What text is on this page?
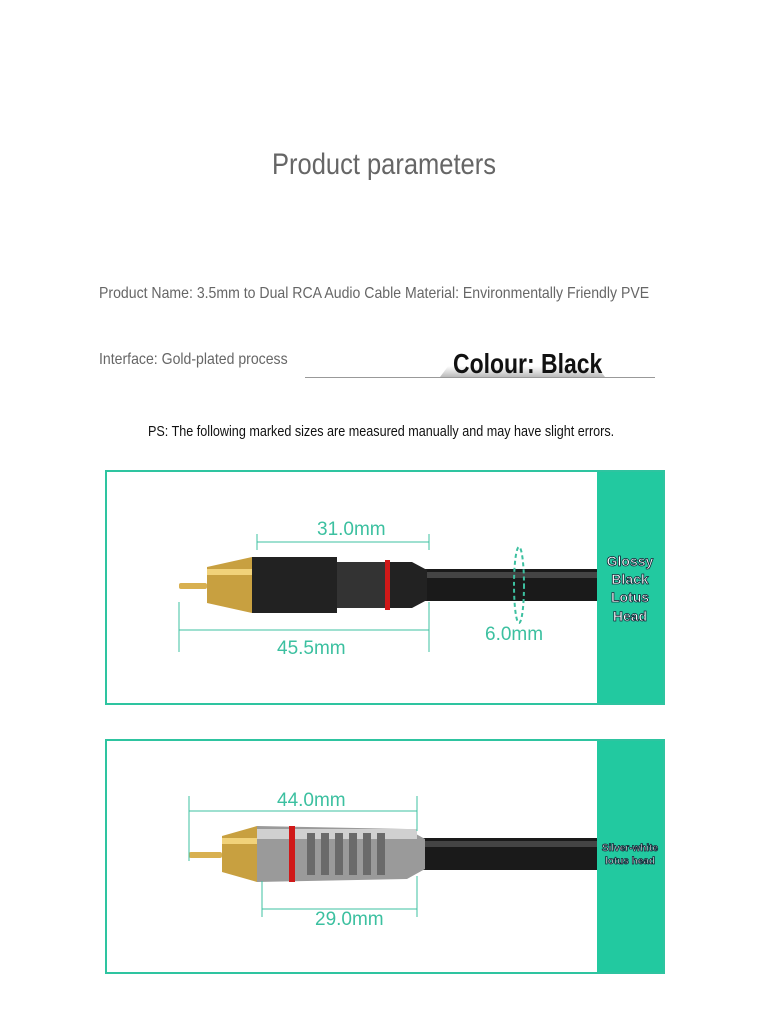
Product parameters
Product Name: 3.5mm to Dual RCA Audio Cable Material: Environmentally Friendly PVE
Interface: Gold-plated process	Colour: Black
PS: The following marked sizes are measured manually and may have slight errors.
31.0mm
45.5mm
6.0mm
Glossy
Black
Lotus
Head
44.0mm
29.0mm
Silver-white
lotus head
